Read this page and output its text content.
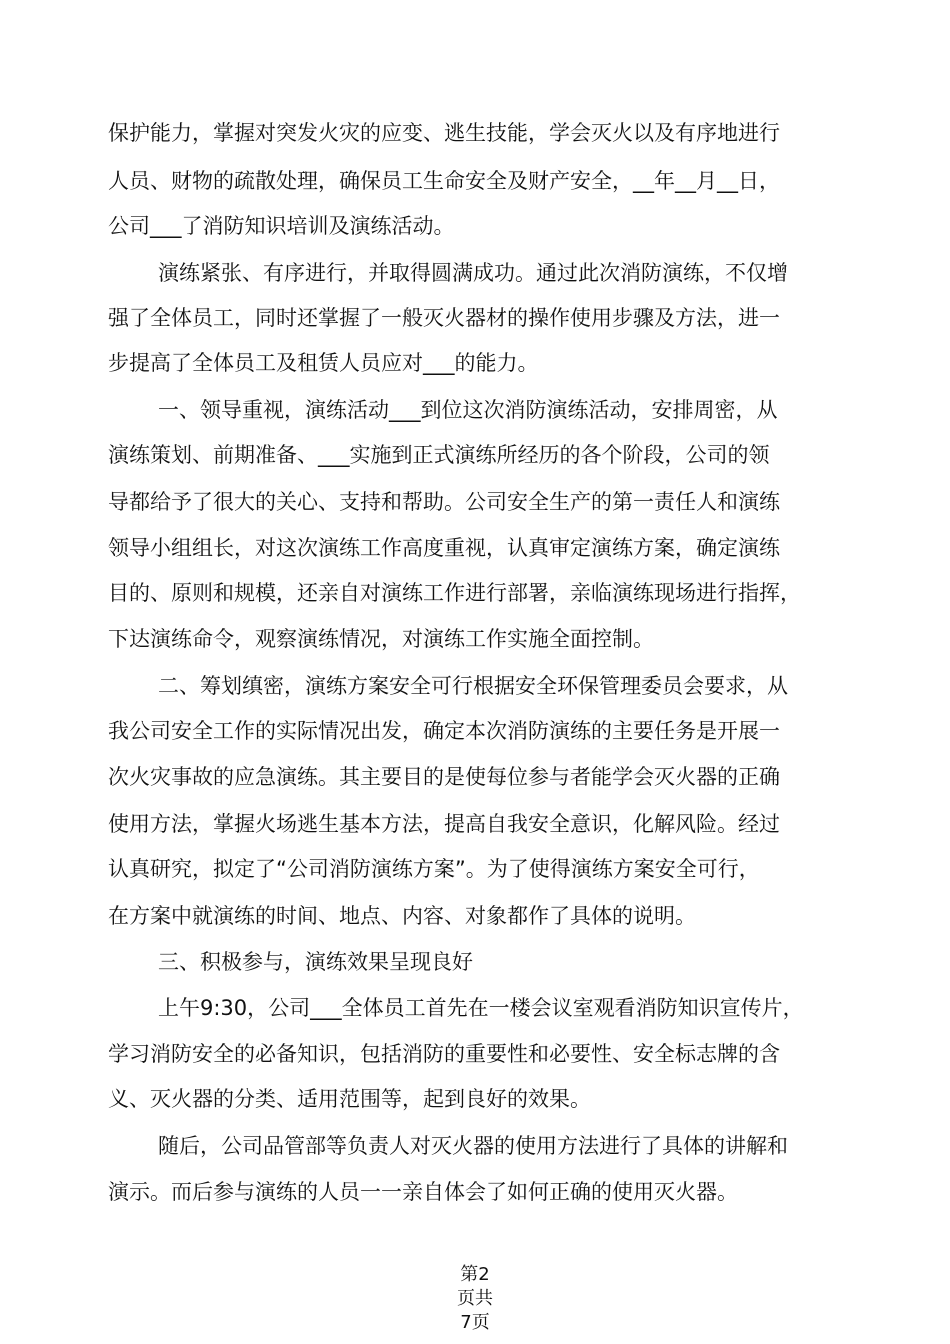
保护能力，掌握对突发火灾的应变、逃生技能，学会灭火以及有序地进行
人员、财物的疏散处理，确保员工生命安全及财产安全，__年__月__日，
公司___了消防知识培训及演练活动。
演练紧张、有序进行，并取得圆满成功。通过此次消防演练，不仅增
强了全体员工，同时还掌握了一般灭火器材的操作使用步骤及方法，进一
步提高了全体员工及租赁人员应对___的能力。
一、领导重视，演练活动___到位这次消防演练活动，安排周密，从
演练策划、前期准备、___实施到正式演练所经历的各个阶段，公司的领
导都给予了很大的关心、支持和帮助。公司安全生产的第一责任人和演练
领导小组组长，对这次演练工作高度重视，认真审定演练方案，确定演练
目的、原则和规模，还亲自对演练工作进行部署，亲临演练现场进行指挥，
下达演练命令，观察演练情况，对演练工作实施全面控制。
二、筹划缜密，演练方案安全可行根据安全环保管理委员会要求，从
我公司安全工作的实际情况出发，确定本次消防演练的主要任务是开展一
次火灾事故的应急演练。其主要目的是使每位参与者能学会灭火器的正确
使用方法，掌握火场逃生基本方法，提高自我安全意识，化解风险。经过
认真研究，拟定了“公司消防演练方案”。为了使得演练方案安全可行，
在方案中就演练的时间、地点、内容、对象都作了具体的说明。
三、积极参与，演练效果呈现良好
上午9:30，公司___全体员工首先在一楼会议室观看消防知识宣传片，
学习消防安全的必备知识，包括消防的重要性和必要性、安全标志牌的含
义、灭火器的分类、适用范围等，起到良好的效果。
随后，公司品管部等负责人对灭火器的使用方法进行了具体的讲解和
演示。而后参与演练的人员一一亲自体会了如何正确的使用灭火器。
第2
页共
7页
